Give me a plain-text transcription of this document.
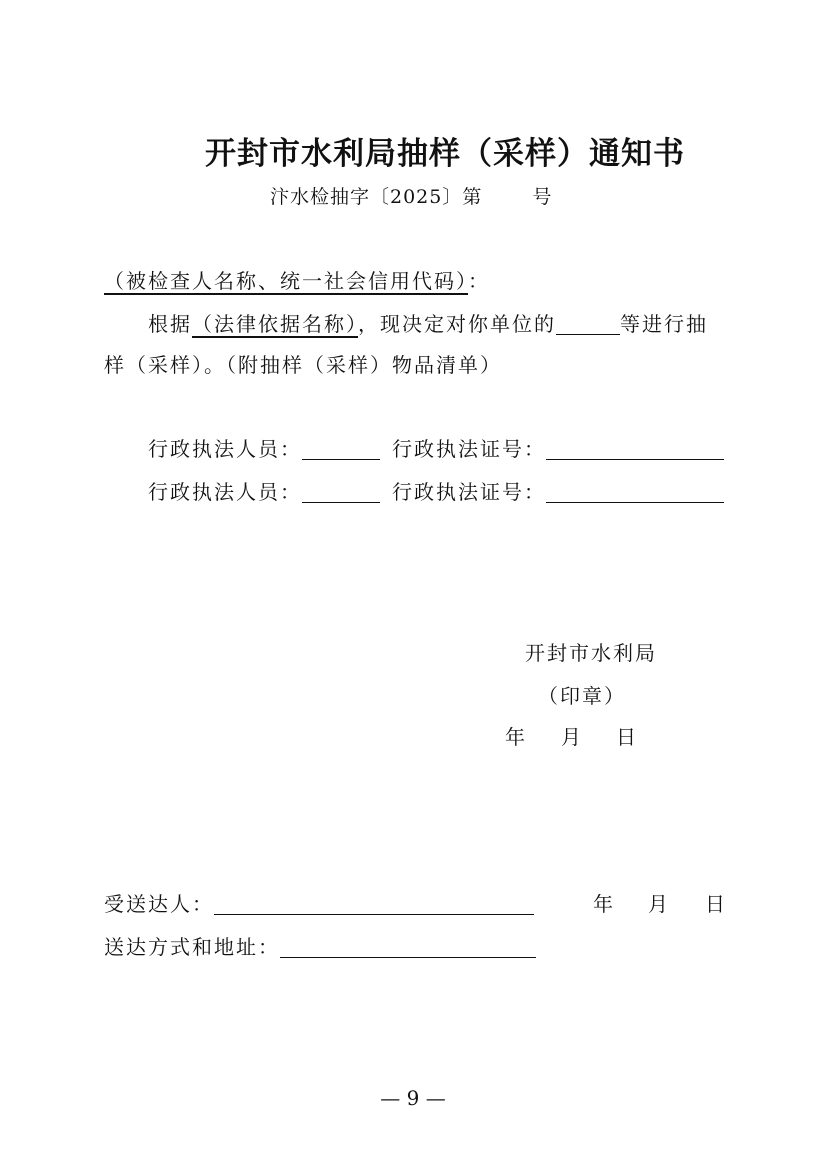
开封市水利局抽样（采样）通知书
汴水检抽字〔2025〕第	号
（被检查人名称、统一社会信用代码）：
根据（法律依据名称），现决定对你单位的	等进行抽
样（采样）。（附抽样（采样）物品清单）
行政执法人员：	行政执法证号：
行政执法人员：	行政执法证号：
开封市水利局
（印章）
年 月 日
受送达人：	年 月 日
送达方式和地址：
— 9 —
